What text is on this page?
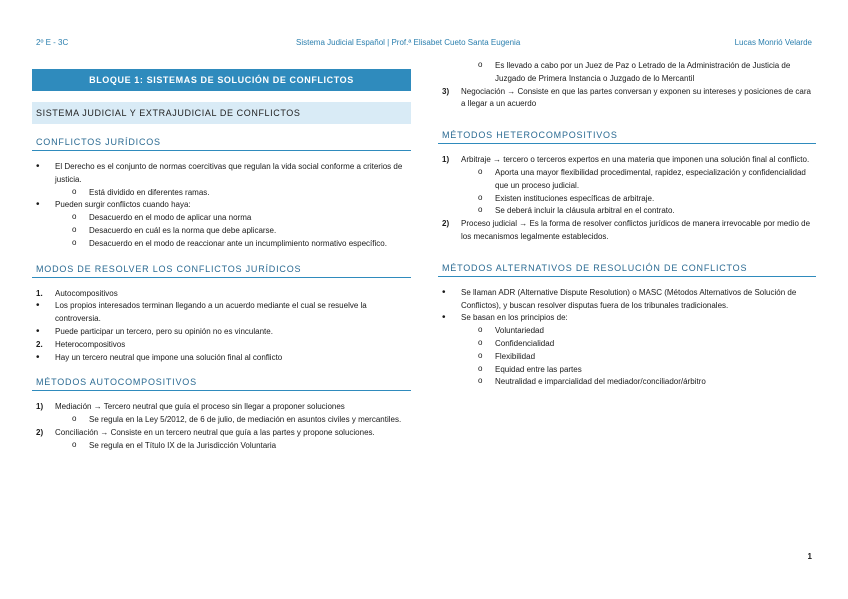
2º E - 3C	Sistema Judicial Español | Prof.ª Elisabet Cueto Santa Eugenia	Lucas Monrió Velarde
BLOQUE 1: SISTEMAS DE SOLUCIÓN DE CONFLICTOS
SISTEMA JUDICIAL Y EXTRAJUDICIAL DE CONFLICTOS
CONFLICTOS JURÍDICOS
• El Derecho es el conjunto de normas coercitivas que regulan la vida social conforme a criterios de justicia.
o Está dividido en diferentes ramas.
• Pueden surgir conflictos cuando haya:
o Desacuerdo en el modo de aplicar una norma
o Desacuerdo en cuál es la norma que debe aplicarse.
o Desacuerdo en el modo de reaccionar ante un incumplimiento normativo específico.
MODOS DE RESOLVER LOS CONFLICTOS JURÍDICOS
1. Autocompositivos
• Los propios interesados terminan llegando a un acuerdo mediante el cual se resuelve la controversia.
• Puede participar un tercero, pero su opinión no es vinculante.
2. Heterocompositivos
• Hay un tercero neutral que impone una solución final al conflicto
MÉTODOS AUTOCOMPOSITIVOS
1) Mediación → Tercero neutral que guía el proceso sin llegar a proponer soluciones
o Se regula en la Ley 5/2012, de 6 de julio, de mediación en asuntos civiles y mercantiles.
2) Conciliación → Consiste en un tercero neutral que guía a las partes y propone soluciones.
o Se regula en el Título IX de la Jurisdicción Voluntaria
o Es llevado a cabo por un Juez de Paz o Letrado de la Administración de Justicia de Juzgado de Primera Instancia o Juzgado de lo Mercantil
3) Negociación → Consiste en que las partes conversan y exponen su intereses y posiciones de cara a llegar a un acuerdo
MÉTODOS HETEROCOMPOSITIVOS
1) Arbitraje → tercero o terceros expertos en una materia que imponen una solución final al conflicto.
o Aporta una mayor flexibilidad procedimental, rapidez, especialización y confidencialidad que un proceso judicial.
o Existen instituciones específicas de arbitraje.
o Se deberá incluir la cláusula arbitral en el contrato.
2) Proceso judicial → Es la forma de resolver conflictos jurídicos de manera irrevocable por medio de los mecanismos legalmente establecidos.
MÉTODOS ALTERNATIVOS DE RESOLUCIÓN DE CONFLICTOS
• Se llaman ADR (Alternative Dispute Resolution) o MASC (Métodos Alternativos de Solución de Conflictos), y buscan resolver disputas fuera de los tribunales tradicionales.
• Se basan en los principios de:
o Voluntariedad
o Confidencialidad
o Flexibilidad
o Equidad entre las partes
o Neutralidad e imparcialidad del mediador/conciliador/árbitro
1
